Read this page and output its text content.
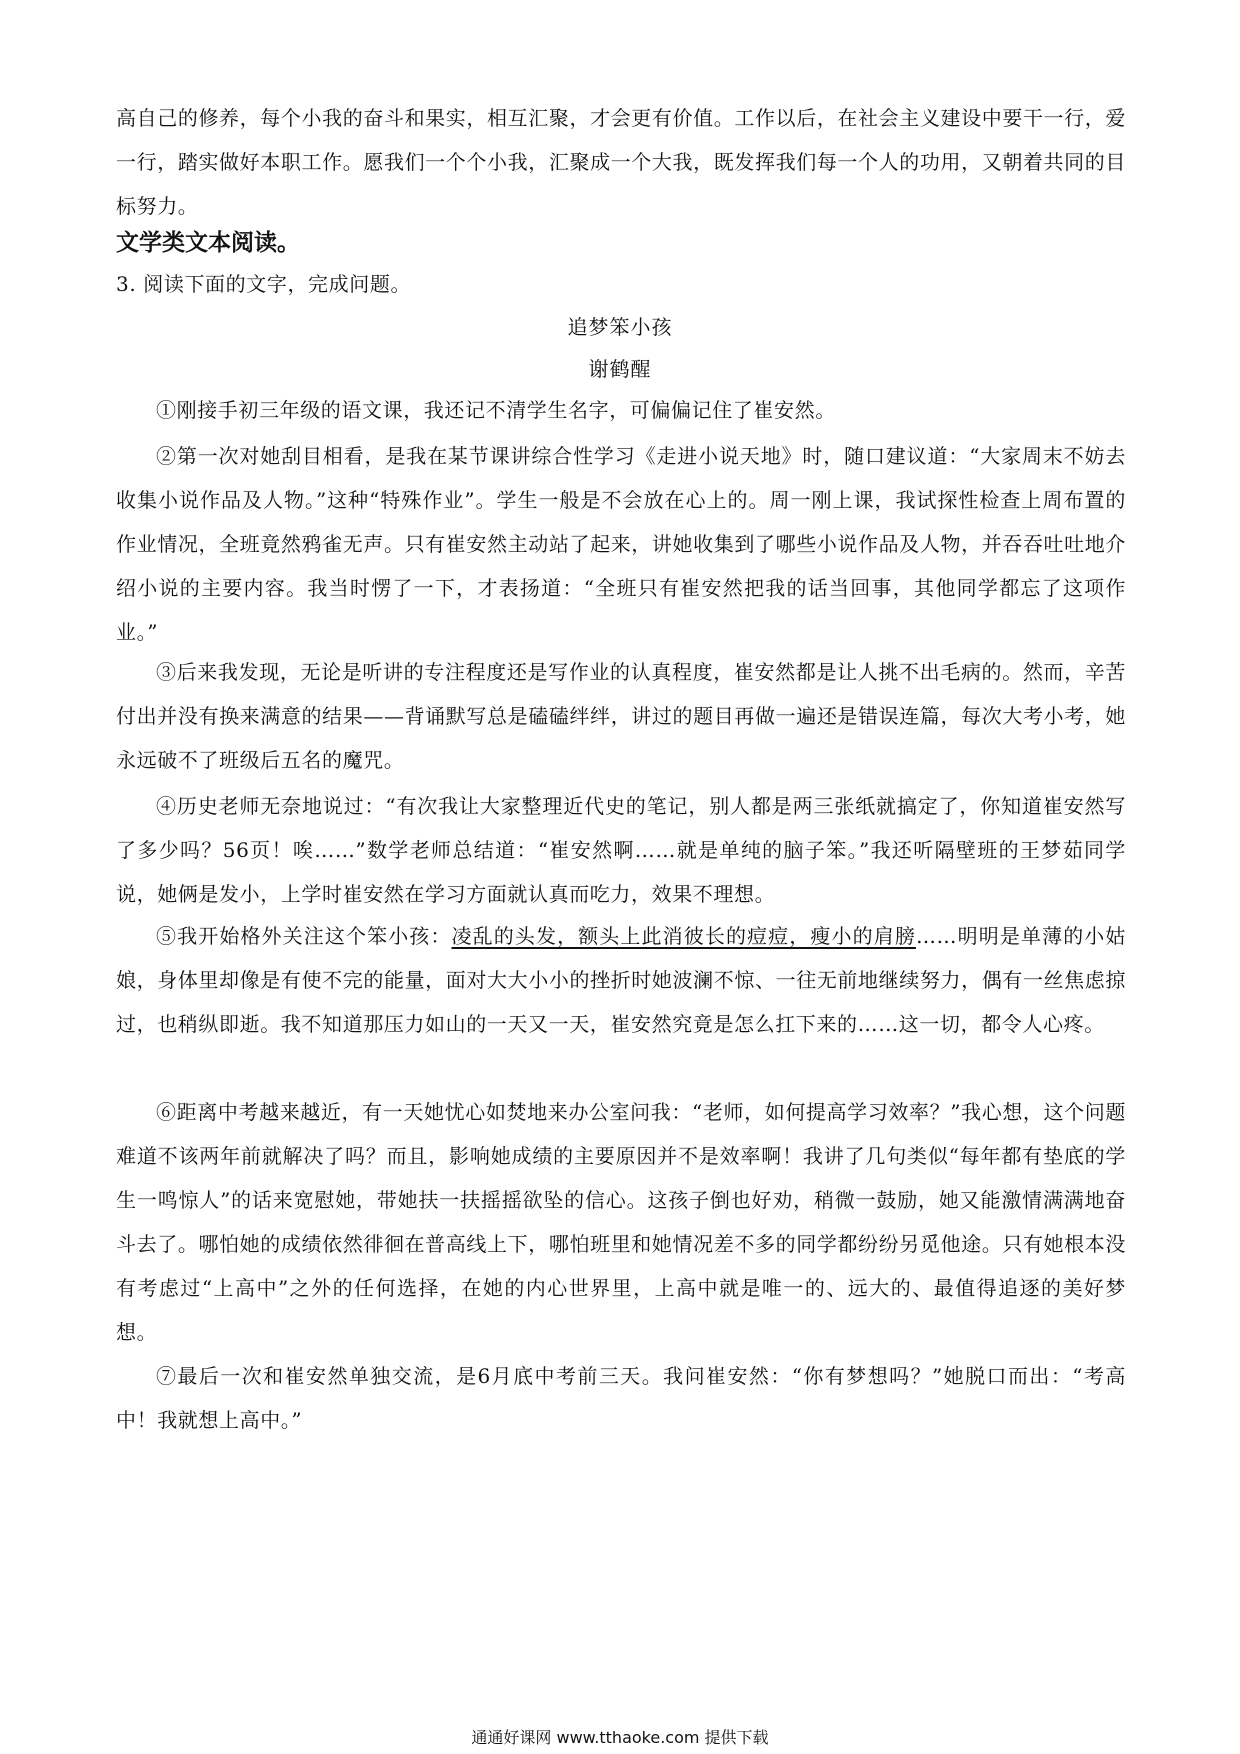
高自己的修养，每个小我的奋斗和果实，相互汇聚，才会更有价值。工作以后，在社会主义建设中要干一行，爱一行，踏实做好本职工作。愿我们一个个小我，汇聚成一个大我，既发挥我们每一个人的功用，又朝着共同的目标努力。

文学类文本阅读。

3. 阅读下面的文字，完成问题。

追梦笨小孩

谢鹤醒

①刚接手初三年级的语文课，我还记不清学生名字，可偏偏记住了崔安然。

②第一次对她刮目相看，是我在某节课讲综合性学习《走进小说天地》时，随口建议道：“大家周末不妨去收集小说作品及人物。”这种“特殊作业”。学生一般是不会放在心上的。周一刚上课，我试探性检查上周布置的作业情况，全班竟然鸦雀无声。只有崔安然主动站了起来，讲她收集到了哪些小说作品及人物，并吞吞吐吐地介绍小说的主要内容。我当时愣了一下，才表扬道：“全班只有崔安然把我的话当回事，其他同学都忘了这项作业。”

③后来我发现，无论是听讲的专注程度还是写作业的认真程度，崔安然都是让人挑不出毛病的。然而，辛苦付出并没有换来满意的结果——背诵默写总是磕磕绊绊，讲过的题目再做一遍还是错误连篇，每次大考小考，她永远破不了班级后五名的魔咒。

④历史老师无奈地说过：“有次我让大家整理近代史的笔记，别人都是两三张纸就搞定了，你知道崔安然写了多少吗？56页！唉……”数学老师总结道：“崔安然啊……就是单纯的脑子笨。”我还听隔壁班的王梦茹同学说，她俩是发小，上学时崔安然在学习方面就认真而吃力，效果不理想。

⑤我开始格外关注这个笨小孩：凌乱的头发，额头上此消彼长的痘痘，瘦小的肩膀……明明是单薄的小姑娘，身体里却像是有使不完的能量，面对大大小小的挫折时她波澜不惊、一往无前地继续努力，偶有一丝焦虑掠过，也稍纵即逝。我不知道那压力如山的一天又一天，崔安然究竟是怎么扛下来的……这一切，都令人心疼。

⑥距离中考越来越近，有一天她忧心如焚地来办公室问我：“老师，如何提高学习效率？”我心想，这个问题难道不该两年前就解决了吗？而且，影响她成绩的主要原因并不是效率啊！我讲了几句类似“每年都有垫底的学生一鸣惊人”的话来宽慰她，带她扶一扶摇摇欲坠的信心。这孩子倒也好劝，稍微一鼓励，她又能激情满满地奋斗去了。哪怕她的成绩依然徘徊在普高线上下，哪怕班里和她情况差不多的同学都纷纷另觅他途。只有她根本没有考虑过“上高中”之外的任何选择，在她的内心世界里，上高中就是唯一的、远大的、最值得追逐的美好梦想。

⑦最后一次和崔安然单独交流，是6月底中考前三天。我问崔安然：“你有梦想吗？”她脱口而出：“考高中！我就想上高中。”

通通好课网 www.tthaoke.com 提供下载
